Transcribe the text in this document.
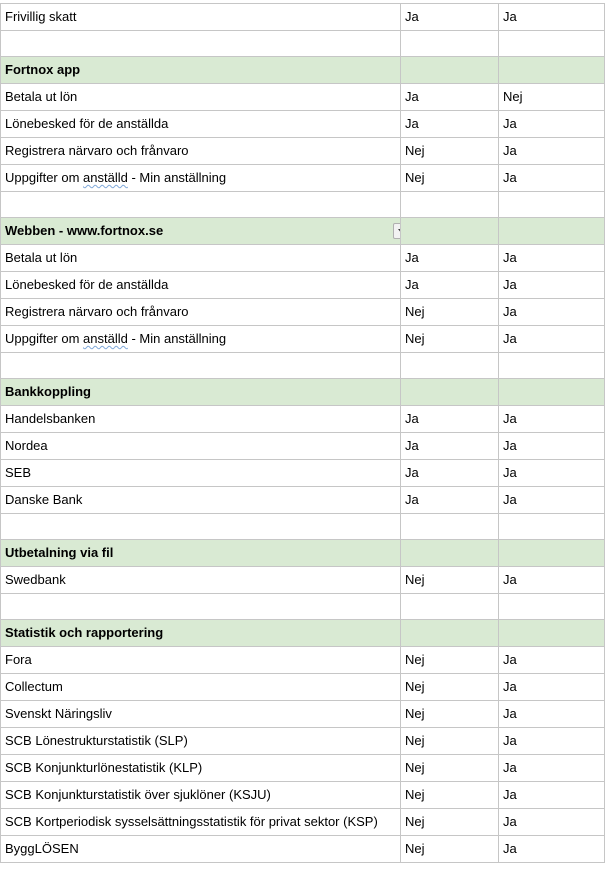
Frivillig skatt	Ja	Ja

Fortnox app		
Betala ut lön	Ja	Nej
Lönebesked för de anställda	Ja	Ja
Registrera närvaro och frånvaro	Nej	Ja
Uppgifter om anställd - Min anställning	Nej	Ja

Webben - www.fortnox.se

Betala ut lön	Ja	Ja
Lönebesked för de anställda	Ja	Ja
Registrera närvaro och frånvaro	Nej	Ja
Uppgifter om anställd - Min anställning	Nej	Ja

Bankkoppling		
Handelsbanken	Ja	Ja
Nordea	Ja	Ja
SEB	Ja	Ja
Danske Bank	Ja	Ja

Utbetalning via fil		
Swedbank	Nej	Ja

Statistik och rapportering		
Fora	Nej	Ja
Collectum	Nej	Ja
Svenskt Näringsliv	Nej	Ja
SCB Lönestrukturstatistik (SLP)	Nej	Ja
SCB Konjunkturlönestatistik (KLP)	Nej	Ja
SCB Konjunkturstatistik över sjuklöner (KSJU)	Nej	Ja
SCB Kortperiodisk sysselsättningsstatistik för privat sektor (KSP)	Nej	Ja
ByggLÖSEN	Nej	Ja
